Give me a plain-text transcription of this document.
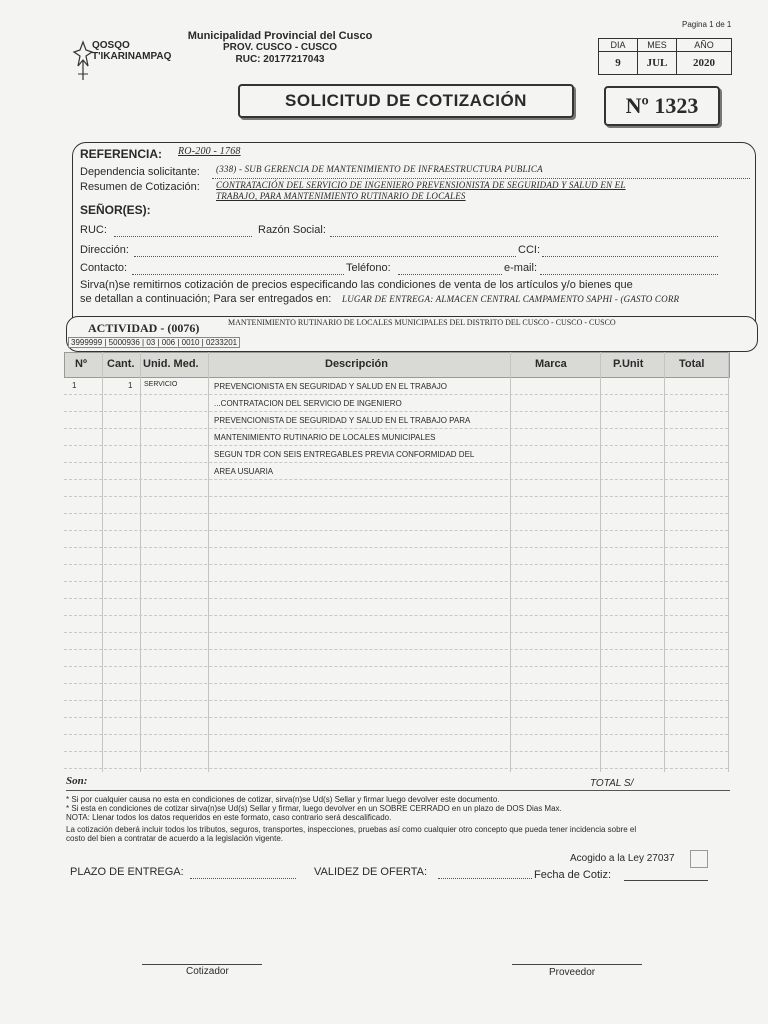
Pagina 1 de 1
QOSQO
T'IKARINAMPAQ
Municipalidad Provincial del Cusco
PROV. CUSCO - CUSCO
RUC: 20177217043
DIA	MES	AÑO
9	JUL	2020
SOLICITUD DE COTIZACIÓN	Nº 1323
REFERENCIA: RO-200 - 1768
Dependencia solicitante: (338) - SUB GERENCIA DE MANTENIMIENTO DE INFRAESTRUCTURA PUBLICA
Resumen de Cotización: CONTRATACIÓN DEL SERVICIO DE INGENIERO PREVENSIONISTA DE SEGURIDAD Y SALUD EN EL
TRABAJO, PARA MANTENIMIENTO RUTINARIO DE LOCALES
SEÑOR(ES):
RUC:	Razón Social:
Dirección:	CCI:
Contacto:	Teléfono:	e-mail:
Sirva(n)se remitirnos cotización de precios especificando las condiciones de venta de los artículos y/o bienes que
se detallan a continuación; Para ser entregados en: LUGAR DE ENTREGA: ALMACEN CENTRAL CAMPAMENTO SAPHI - (GASTO CORR
ACTIVIDAD - (0076)	MANTENIMIENTO RUTINARIO DE LOCALES MUNICIPALES DEL DISTRITO DEL CUSCO - CUSCO - CUSCO
3999999 | 5000936 | 03 | 006 | 0010 | 0233201
Nº Cant. Unid. Med.	Descripción	Marca	P.Unit	Total
1	1 SERVICIO	PREVENCIONISTA EN SEGURIDAD Y SALUD EN EL TRABAJO
...CONTRATACION DEL SERVICIO DE INGENIERO
PREVENCIONISTA DE SEGURIDAD Y SALUD EN EL TRABAJO PARA
MANTENIMIENTO RUTINARIO DE LOCALES MUNICIPALES
SEGUN TDR CON SEIS ENTREGABLES PREVIA CONFORMIDAD DEL
AREA USUARIA
Son:	TOTAL S/
* Si por cualquier causa no esta en condiciones de cotizar, sirva(n)se Ud(s) Sellar y firmar luego devolver este documento.
* Si esta en condiciones de cotizar sirva(n)se Ud(s) Sellar y firmar, luego devolver en un SOBRE CERRADO en un plazo de DOS Dias Max.
NOTA: Llenar todos los datos requeridos en este formato, caso contrario será descalificado.
La cotización deberá incluir todos los tributos, seguros, transportes, inspecciones, pruebas así como cualquier otro concepto que pueda tener incidencia sobre el
costo del bien a contratar de acuerdo a la legislación vigente.
Acogido a la Ley 27037
PLAZO DE ENTREGA:	VALIDEZ DE OFERTA:	Fecha de Cotiz:
Cotizador	Proveedor
